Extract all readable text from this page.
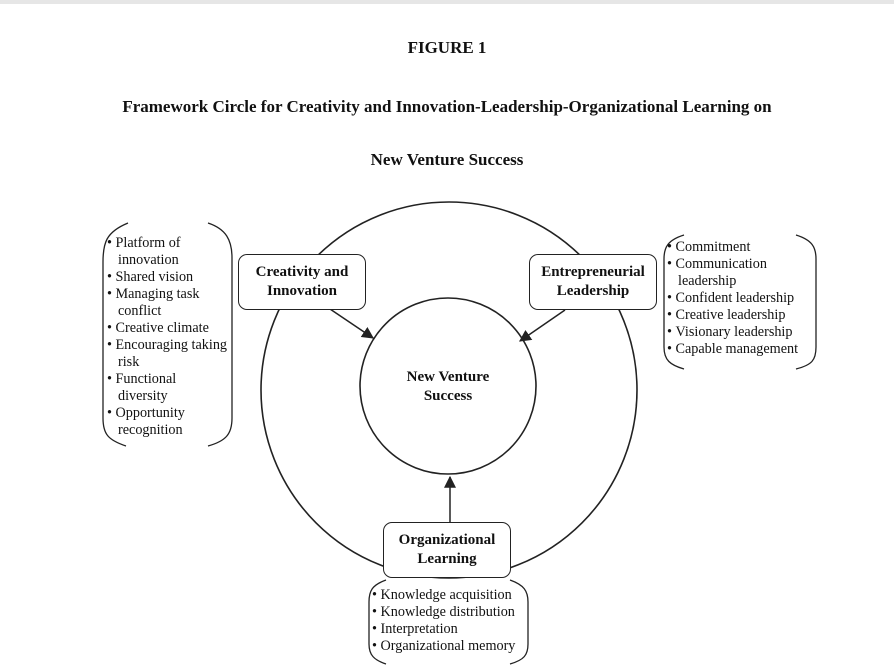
FIGURE 1
Framework Circle for Creativity and Innovation-Leadership-Organizational Learning on
New Venture Success
Creativity and
Innovation
Entrepreneurial
Leadership
Organizational
Learning
New Venture
Success
• Platform of innovation
• Shared vision
• Managing task conflict
• Creative climate
• Encouraging taking risk
• Functional diversity
• Opportunity recognition
• Commitment
• Communication leadership
• Confident leadership
• Creative leadership
• Visionary leadership
• Capable management
• Knowledge acquisition
• Knowledge distribution
• Interpretation
• Organizational memory
